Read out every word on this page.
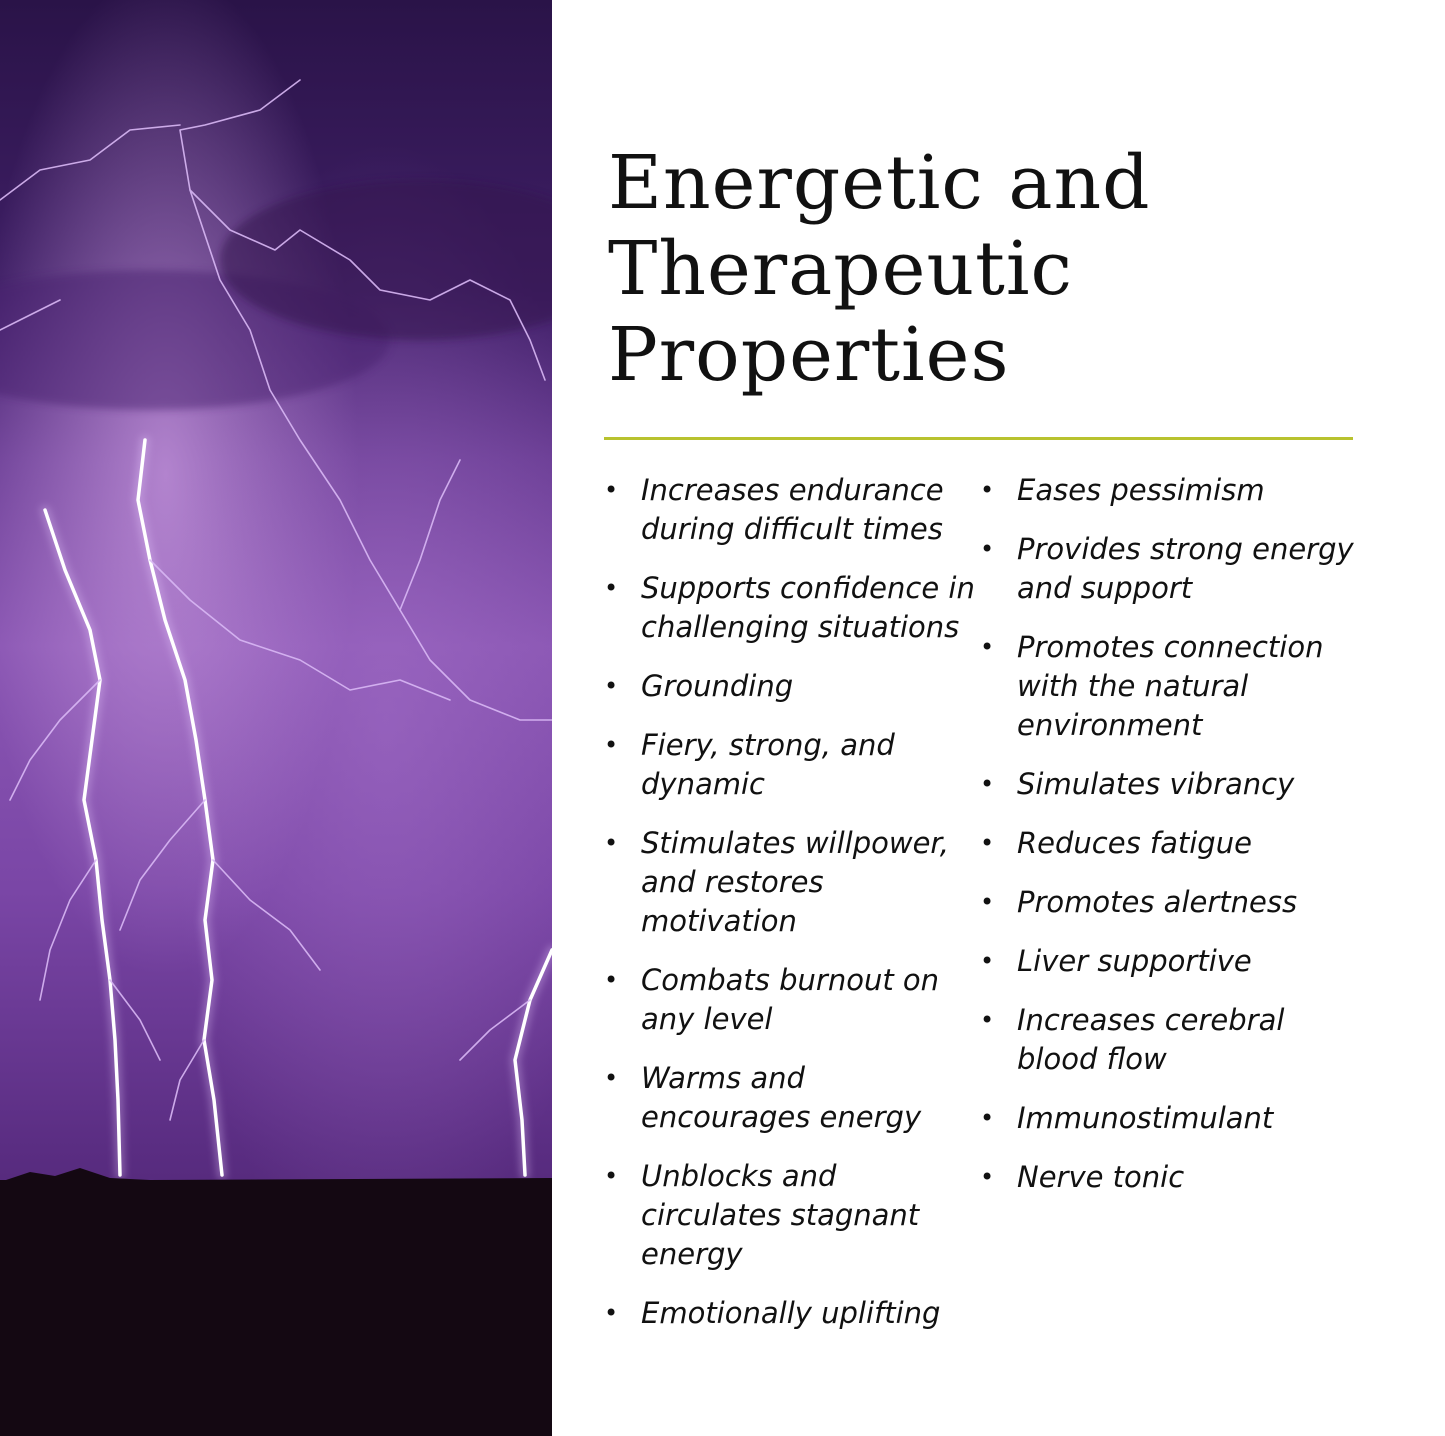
Energetic and
Therapeutic
Properties
• Increases endurance
during difficult times
• Supports confidence in
challenging situations
• Grounding
• Fiery, strong, and
dynamic
• Stimulates willpower,
and restores
motivation
• Combats burnout on
any level
• Warms and
encourages energy
• Unblocks and
circulates stagnant
energy
• Emotionally uplifting
• Eases pessimism
• Provides strong energy
and support
• Promotes connection
with the natural
environment
• Simulates vibrancy
• Reduces fatigue
• Promotes alertness
• Liver supportive
• Increases cerebral
blood flow
• Immunostimulant
• Nerve tonic
